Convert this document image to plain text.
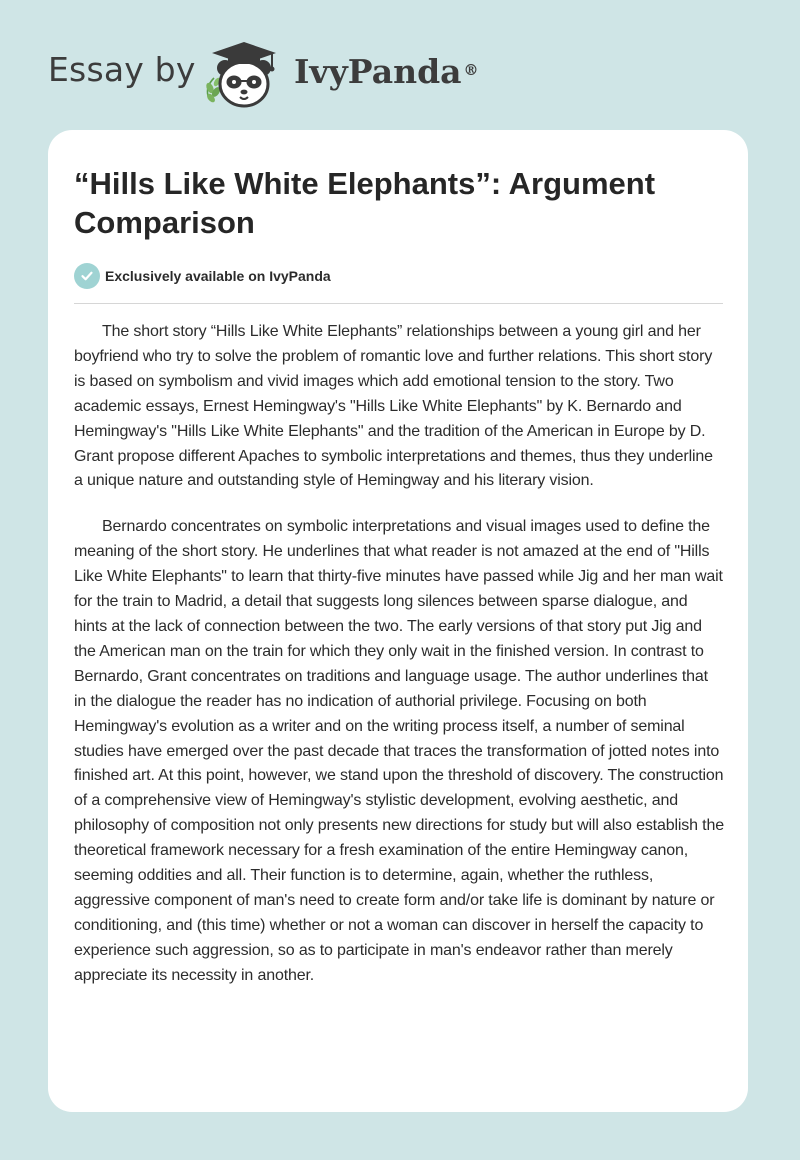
Essay by	IvyPanda ®
“Hills Like White Elephants”: Argument Comparison
Exclusively available on IvyPanda

The short story “Hills Like White Elephants” relationships between a young girl and her boyfriend who try to solve the problem of romantic love and further relations. This short story is based on symbolism and vivid images which add emotional tension to the story. Two academic essays, Ernest Hemingway's "Hills Like White Elephants" by K. Bernardo and Hemingway's "Hills Like White Elephants" and the tradition of the American in Europe by D. Grant propose different Apaches to symbolic interpretations and themes, thus they underline a unique nature and outstanding style of Hemingway and his literary vision.

Bernardo concentrates on symbolic interpretations and visual images used to define the meaning of the short story. He underlines that what reader is not amazed at the end of "Hills Like White Elephants" to learn that thirty-five minutes have passed while Jig and her man wait for the train to Madrid, a detail that suggests long silences between sparse dialogue, and hints at the lack of connection between the two. The early versions of that story put Jig and the American man on the train for which they only wait in the finished version. In contrast to Bernardo, Grant concentrates on traditions and language usage. The author underlines that in the dialogue the reader has no indication of authorial privilege. Focusing on both Hemingway's evolution as a writer and on the writing process itself, a number of seminal studies have emerged over the past decade that traces the transformation of jotted notes into finished art. At this point, however, we stand upon the threshold of discovery. The construction of a comprehensive view of Hemingway's stylistic development, evolving aesthetic, and philosophy of composition not only presents new directions for study but will also establish the theoretical framework necessary for a fresh examination of the entire Hemingway canon, seeming oddities and all. Their function is to determine, again, whether the ruthless, aggressive component of man's need to create form and/or take life is dominant by nature or conditioning, and (this time) whether or not a woman can discover in herself the capacity to experience such aggression, so as to participate in man's endeavor rather than merely appreciate its necessity in another.
